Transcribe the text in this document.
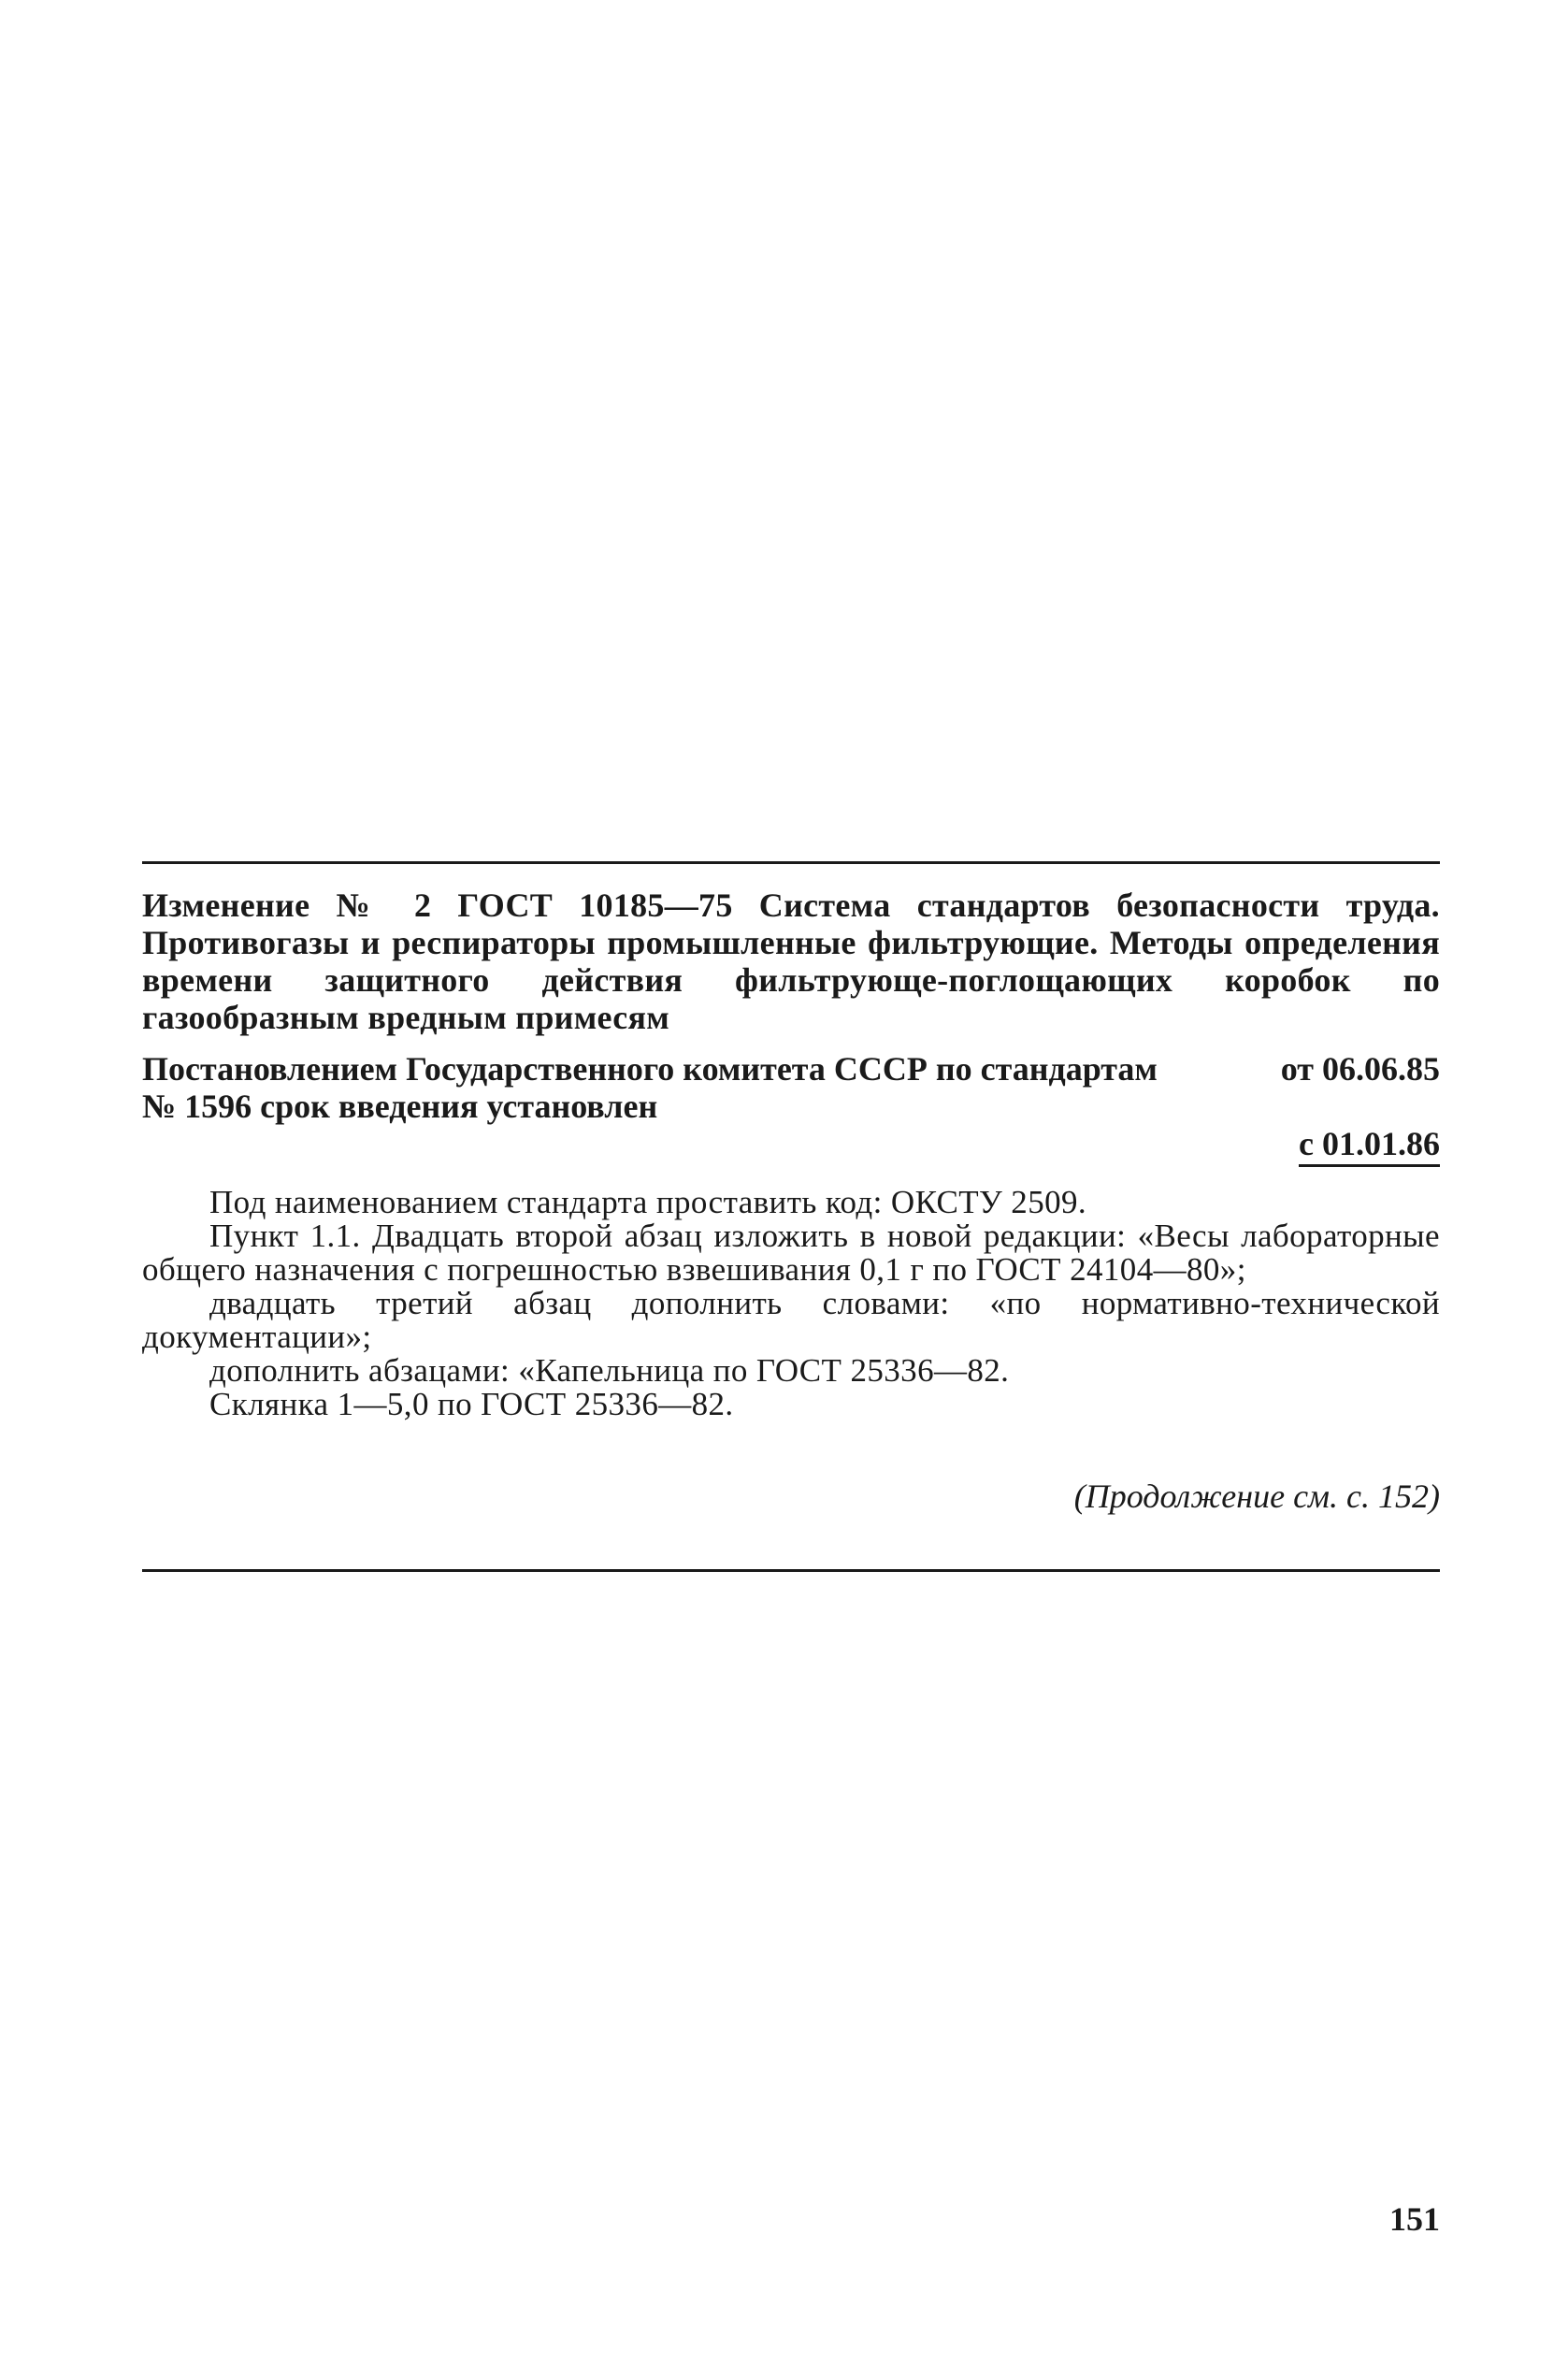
Изменение № 2 ГОСТ 10185—75 Система стандартов безопасности труда. Противогазы и респираторы промышленные фильтрующие. Методы определения времени защитного действия фильтрующе-поглощающих коробок по газообразным вредным примесям
Постановлением Государственного комитета СССР по стандартам	от 06.06.85
№ 1596 срок введения установлен
с 01.01.86

Под наименованием стандарта проставить код: ОКСТУ 2509.

Пункт 1.1. Двадцать второй абзац изложить в новой редакции: «Весы лабораторные общего назначения с погрешностью взвешивания 0,1 г по ГОСТ 24104—80»;

двадцать третий абзац дополнить словами: «по нормативно-технической документации»;

дополнить абзацами: «Капельница по ГОСТ 25336—82.

Склянка 1—5,0 по ГОСТ 25336—82.

(Продолжение см. с. 152)
151
